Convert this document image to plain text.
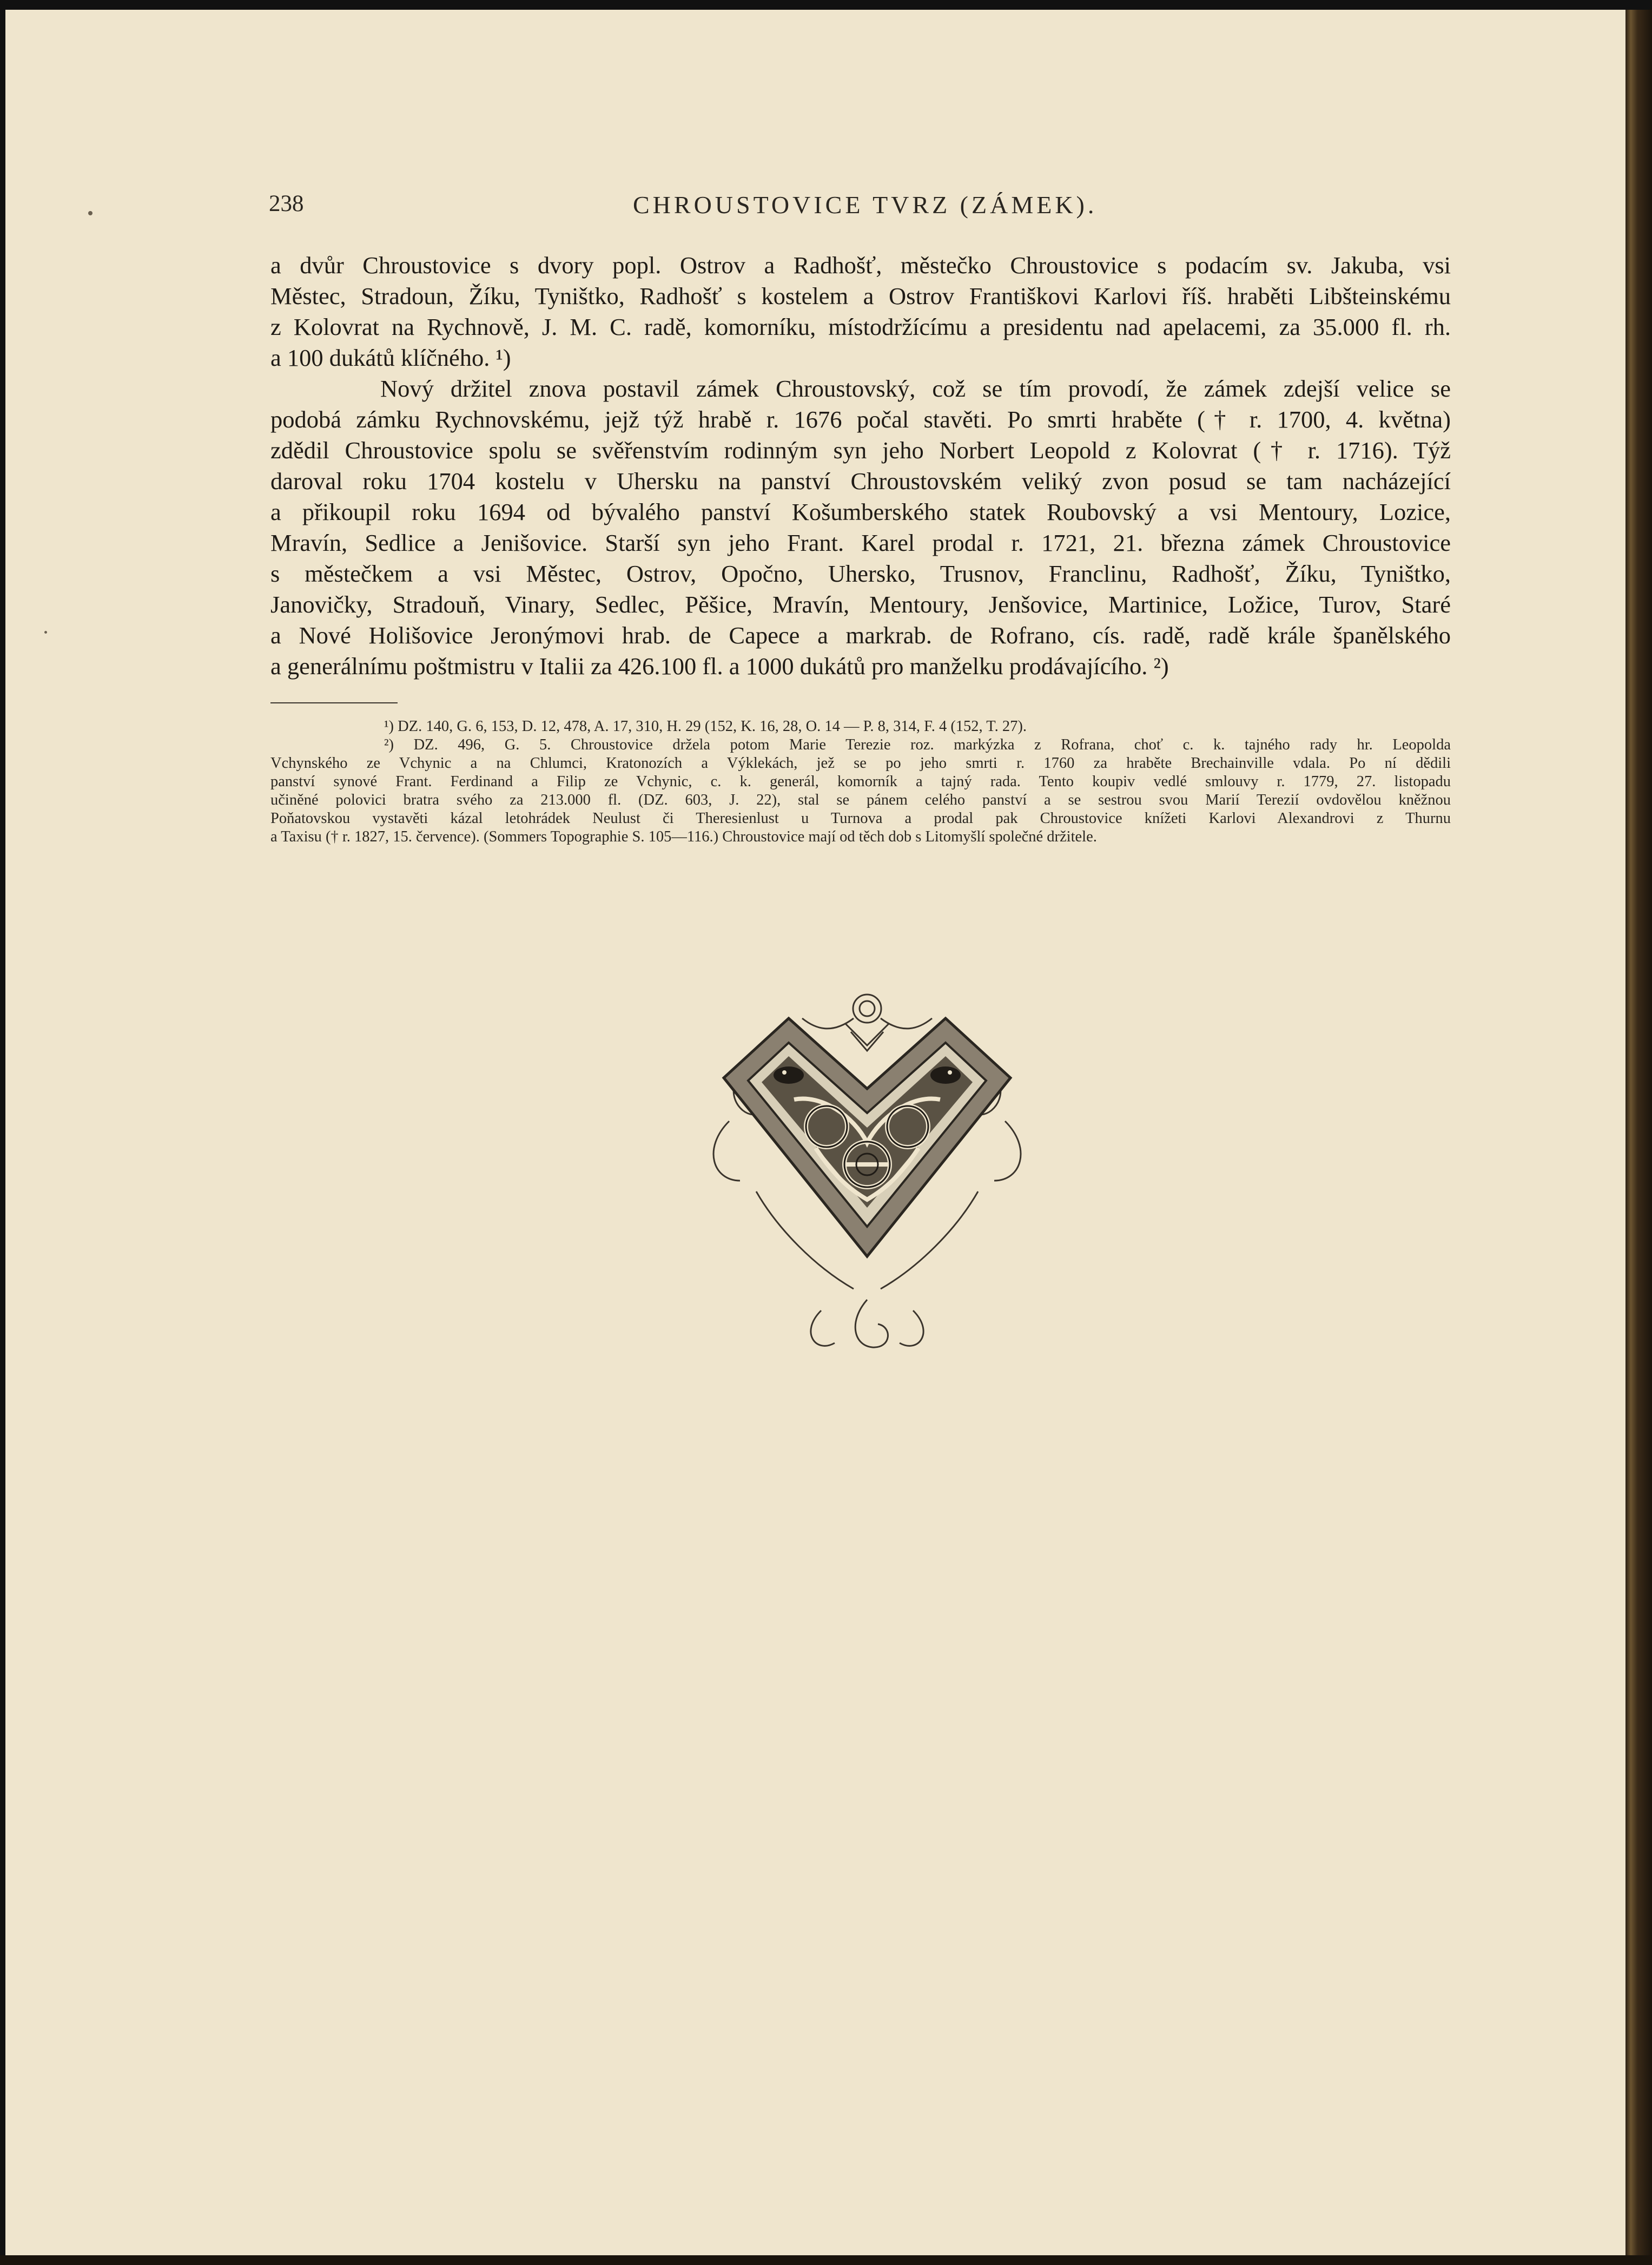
238	CHROUSTOVICE TVRZ (ZÁMEK).
a dvůr Chroustovice s dvory popl. Ostrov a Radhošť, městečko Chroustovice s podacím sv. Jakuba, vsi
Městec, Stradoun, Žíku, Tyništko, Radhošť s kostelem a Ostrov Františkovi Karlovi říš. hraběti Libšteinskému
z Kolovrat na Rychnově, J. M. C. radě, komorníku, místodržícímu a presidentu nad apelacemi, za 35.000 fl. rh.
a 100 dukátů klíčného. ¹)
Nový držitel znova postavil zámek Chroustovský, což se tím provodí, že zámek zdejší velice se
podobá zámku Rychnovskému, jejž týž hrabě r. 1676 počal stavěti. Po smrti hraběte († r. 1700, 4. května)
zdědil Chroustovice spolu se svěřenstvím rodinným syn jeho Norbert Leopold z Kolovrat († r. 1716). Týž
daroval roku 1704 kostelu v Uhersku na panství Chroustovském veliký zvon posud se tam nacházející
a přikoupil roku 1694 od bývalého panství Košumberského statek Roubovský a vsi Mentoury, Lozice,
Mravín, Sedlice a Jenišovice. Starší syn jeho Frant. Karel prodal r. 1721, 21. března zámek Chroustovice
s městečkem a vsi Městec, Ostrov, Opočno, Uhersko, Trusnov, Franclinu, Radhošť, Žíku, Tyništko,
Janovičky, Stradouň, Vinary, Sedlec, Pěšice, Mravín, Mentoury, Jenšovice, Martinice, Ložice, Turov, Staré
a Nové Holišovice Jeronýmovi hrab. de Capece a markrab. de Rofrano, cís. radě, radě krále španělského
a generálnímu poštmistru v Italii za 426.100 fl. a 1000 dukátů pro manželku prodávajícího. ²)
¹) DZ. 140, G. 6, 153, D. 12, 478, A. 17, 310, H. 29 (152, K. 16, 28, O. 14 — P. 8, 314, F. 4 (152, T. 27).
²) DZ. 496, G. 5. Chroustovice držela potom Marie Terezie roz. markýzka z Rofrana, choť c. k. tajného rady hr. Leopolda
Vchynského ze Vchynic a na Chlumci, Kratonozích a Výklekách, jež se po jeho smrti r. 1760 za hraběte Brechainville vdala. Po ní dědili
panství synové Frant. Ferdinand a Filip ze Vchynic, c. k. generál, komorník a tajný rada. Tento koupiv vedlé smlouvy r. 1779, 27. listopadu
učiněné polovici bratra svého za 213.000 fl. (DZ. 603, J. 22), stal se pánem celého panství a se sestrou svou Marií Terezií ovdovělou kněžnou
Poňatovskou vystavěti kázal letohrádek Neulust či Theresienlust u Turnova a prodal pak Chroustovice knížeti Karlovi Alexandrovi z Thurnu
a Taxisu († r. 1827, 15. července). (Sommers Topographie S. 105—116.) Chroustovice mají od těch dob s Litomyšlí společné držitele.
